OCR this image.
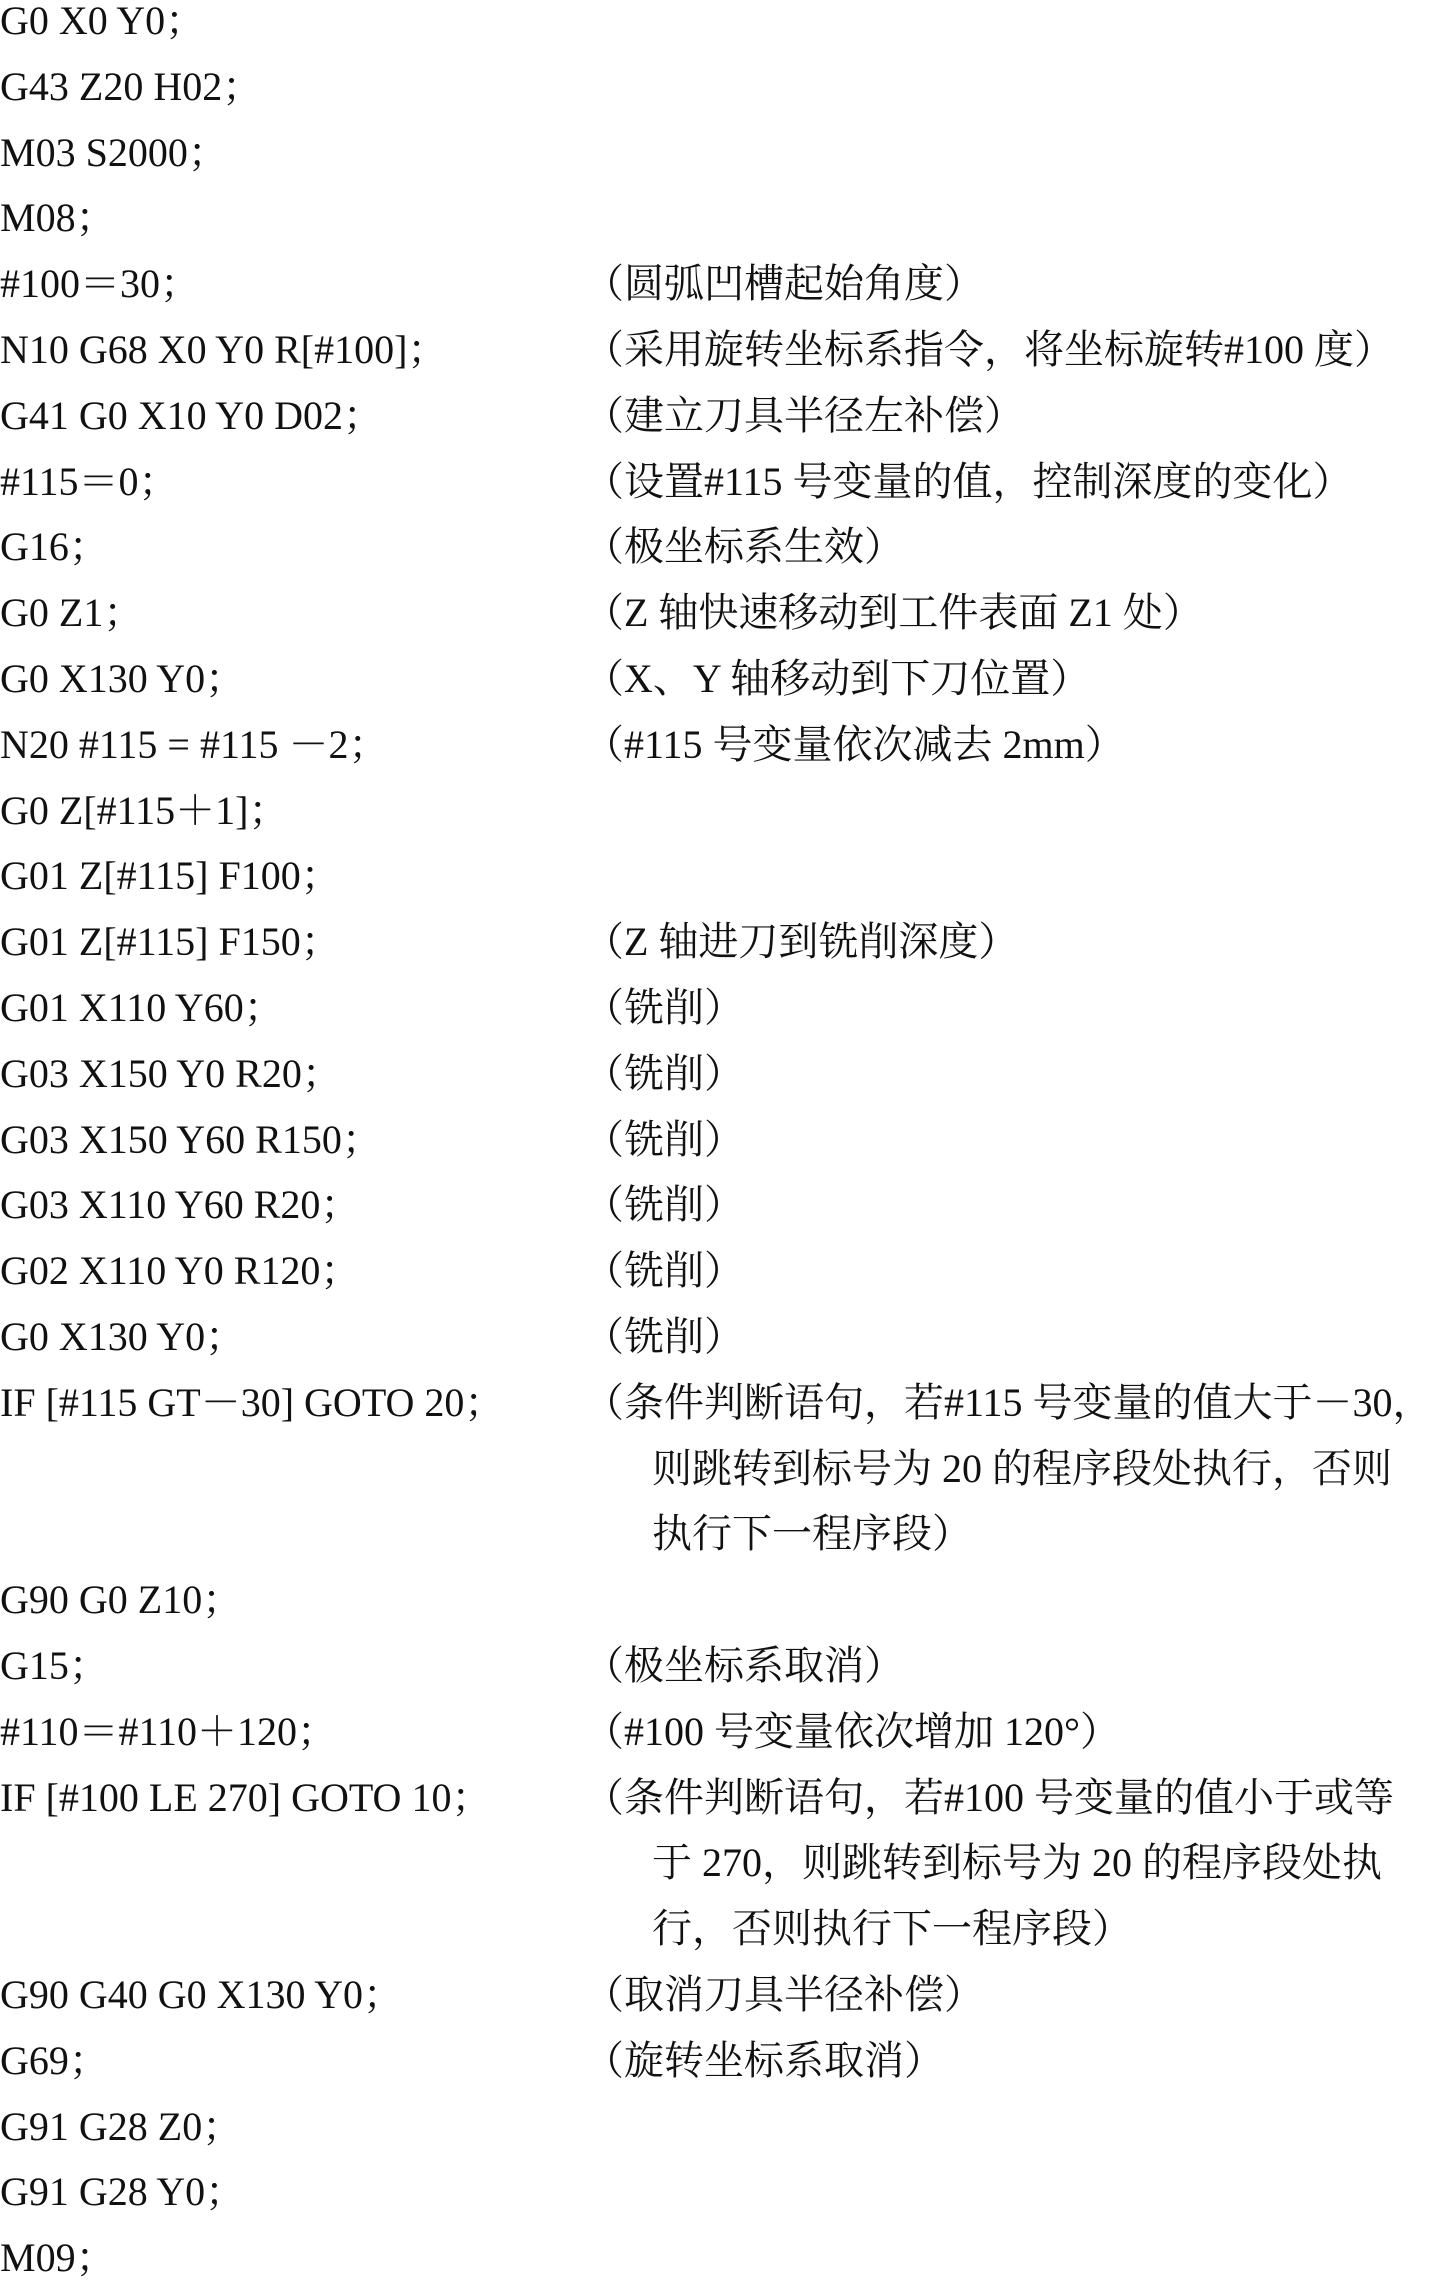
G0 X0 Y0；
G43 Z20 H02；
M03 S2000；
M08；
#100＝30；	（圆弧凹槽起始角度）
N10 G68 X0 Y0 R[#100]；	（采用旋转坐标系指令，将坐标旋转#100 度）
G41 G0 X10 Y0 D02；	（建立刀具半径左补偿）
#115＝0；	（设置#115 号变量的值，控制深度的变化）
G16；	（极坐标系生效）
G0 Z1；	（Z 轴快速移动到工件表面 Z1 处）
G0 X130 Y0；	（X、Y 轴移动到下刀位置）
N20 #115 = #115 －2；	（#115 号变量依次减去 2mm）
G0 Z[#115＋1]；
G01 Z[#115] F100；
G01 Z[#115] F150；	（Z 轴进刀到铣削深度）
G01 X110 Y60；	（铣削）
G03 X150 Y0 R20；	（铣削）
G03 X150 Y60 R150；	（铣削）
G03 X110 Y60 R20；	（铣削）
G02 X110 Y0 R120；	（铣削）
G0 X130 Y0；	（铣削）
IF [#115 GT－30] GOTO 20； （条件判断语句，若#115 号变量的值大于－30，
则跳转到标号为 20 的程序段处执行，否则
执行下一程序段）
G90 G0 Z10；
G15；	（极坐标系取消）
#110＝#110＋120；	（#100 号变量依次增加 120°）
IF [#100 LE 270] GOTO 10； （条件判断语句，若#100 号变量的值小于或等
于 270，则跳转到标号为 20 的程序段处执
行，否则执行下一程序段）
G90 G40 G0 X130 Y0；	（取消刀具半径补偿）
G69；	（旋转坐标系取消）
G91 G28 Z0；
G91 G28 Y0；
M09；
